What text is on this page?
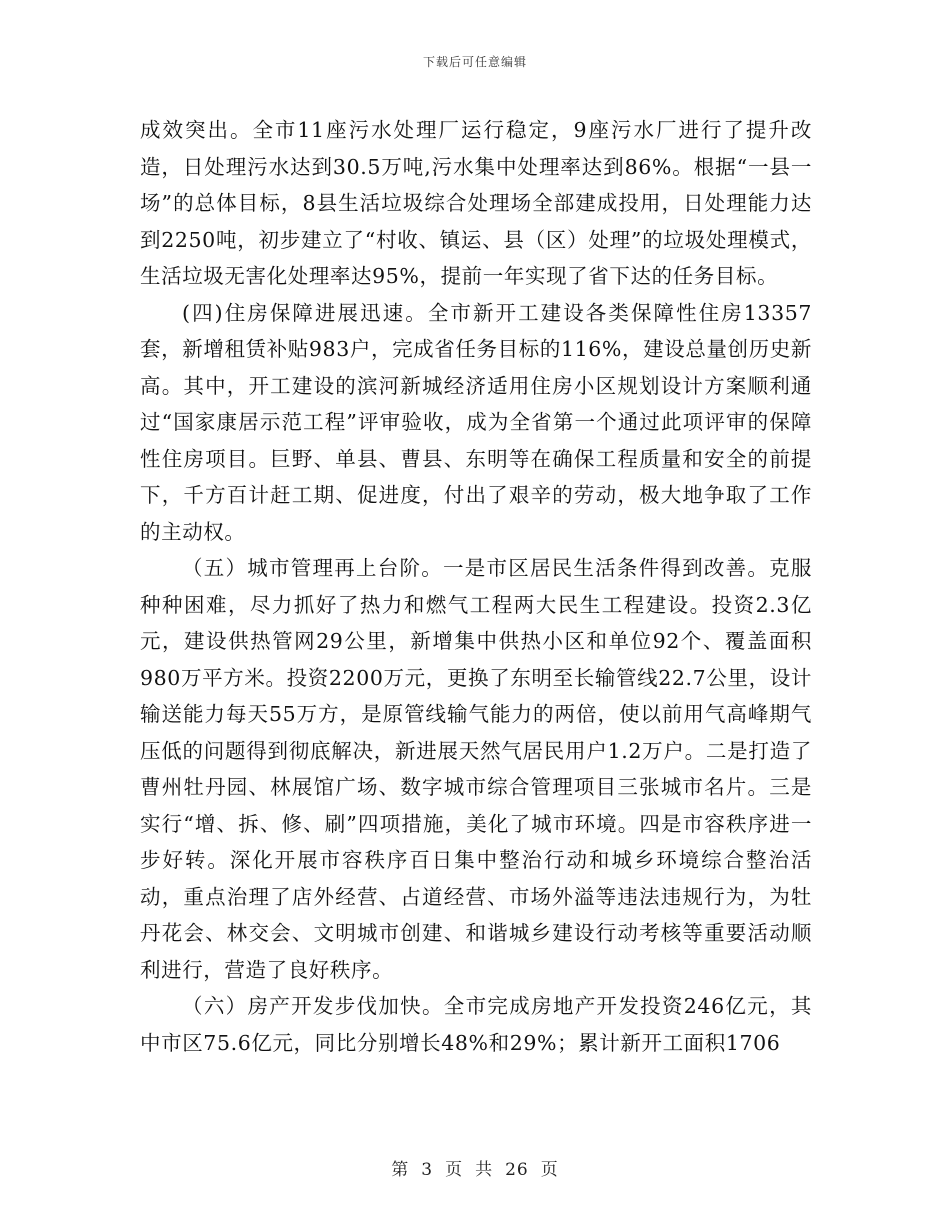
下载后可任意编辑

成效突出。全市11座污水处理厂运行稳定，9座污水厂进行了提升改造，日处理污水达到30.5万吨,污水集中处理率达到86%。根据“一县一场”的总体目标，8县生活垃圾综合处理场全部建成投用，日处理能力达到2250吨，初步建立了“村收、镇运、县（区）处理”的垃圾处理模式，生活垃圾无害化处理率达95%，提前一年实现了省下达的任务目标。

(四)住房保障进展迅速。全市新开工建设各类保障性住房13357套，新增租赁补贴983户，完成省任务目标的116%，建设总量创历史新高。其中，开工建设的滨河新城经济适用住房小区规划设计方案顺利通过“国家康居示范工程”评审验收，成为全省第一个通过此项评审的保障性住房项目。巨野、单县、曹县、东明等在确保工程质量和安全的前提下，千方百计赶工期、促进度，付出了艰辛的劳动，极大地争取了工作的主动权。

（五）城市管理再上台阶。一是市区居民生活条件得到改善。克服种种困难，尽力抓好了热力和燃气工程两大民生工程建设。投资2.3亿元，建设供热管网29公里，新增集中供热小区和单位92个、覆盖面积980万平方米。投资2200万元，更换了东明至长输管线22.7公里，设计输送能力每天55万方，是原管线输气能力的两倍，使以前用气高峰期气压低的问题得到彻底解决，新进展天然气居民用户1.2万户。二是打造了曹州牡丹园、林展馆广场、数字城市综合管理项目三张城市名片。三是实行“增、拆、修、刷”四项措施，美化了城市环境。四是市容秩序进一步好转。深化开展市容秩序百日集中整治行动和城乡环境综合整治活动，重点治理了店外经营、占道经营、市场外溢等违法违规行为，为牡丹花会、林交会、文明城市创建、和谐城乡建设行动考核等重要活动顺利进行，营造了良好秩序。

（六）房产开发步伐加快。全市完成房地产开发投资246亿元，其中市区75.6亿元，同比分别增长48%和29%；累计新开工面积1706

第 3 页 共 26 页
